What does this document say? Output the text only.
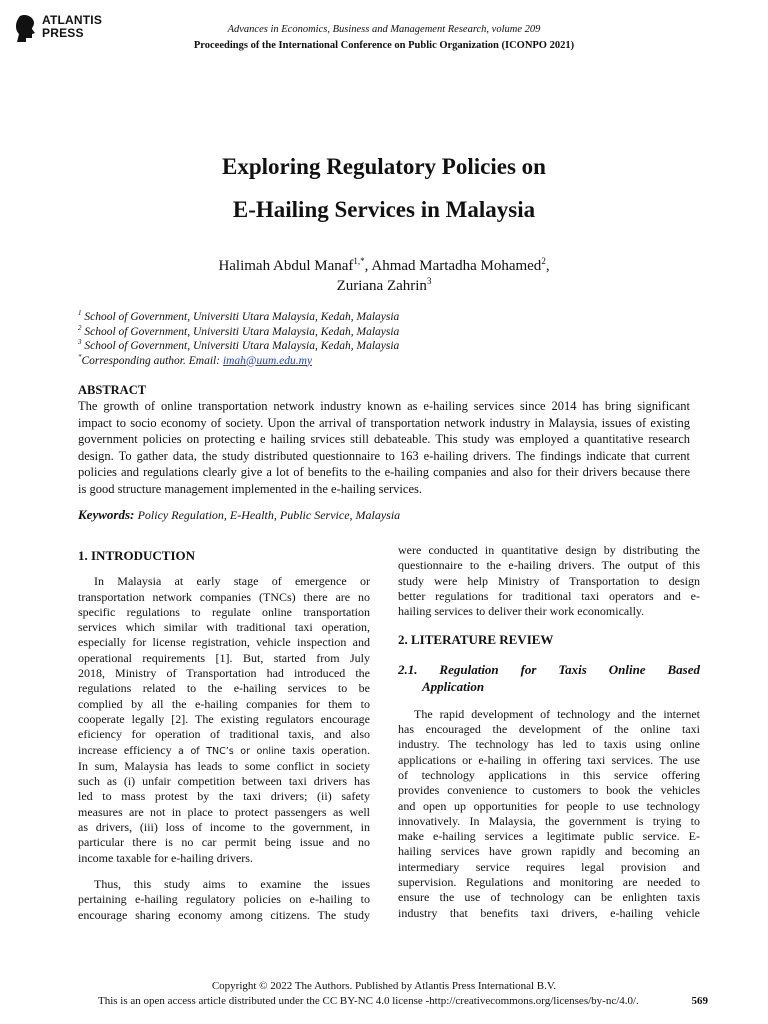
ATLANTIS
PRESS	Advances in Economics, Business and Management Research, volume 209
Proceedings of the International Conference on Public Organization (ICONPO 2021)
Exploring Regulatory Policies on
E-Hailing Services in Malaysia
Halimah Abdul Manaf$^{1,*}$, Ahmad Martadha Mohamed$^2$,
Zuriana Zahrin$^3$
$^1$ School of Government, Universiti Utara Malaysia, Kedah, Malaysia
$^2$ School of Government, Universiti Utara Malaysia, Kedah, Malaysia
$^3$ School of Government, Universiti Utara Malaysia, Kedah, Malaysia
*Corresponding author. Email: imah@uum.edu.my
ABSTRACT
The growth of online transportation network industry known as e-hailing services since 2014 has bring significant
impact to socio economy of society. Upon the arrival of transportation network industry in Malaysia, issues of existing
government policies on protecting e hailing srvices still debateable. This study was employed a quantitative research
design. To gather data, the study distributed questionnaire to 163 e-hailing drivers. The findings indicate that current
policies and regulations clearly give a lot of benefits to the e-hailing companies and also for their drivers because there
is good structure management implemented in the e-hailing services.
Keywords: Policy Regulation, E-Health, Public Service, Malaysia
1. INTRODUCTION
In Malaysia at early stage of emergence or
transportation network companies (TNCs) there are no
specific regulations to regulate online transportation
services which similar with traditional taxi operation,
especially for license registration, vehicle inspection and
operational requirements [1]. But, started from July
2018, Ministry of Transportation had introduced the
regulations related to the e-hailing services to be
complied by all the e-hailing companies for them to
cooperate legally [2]. The existing regulators encourage
eficiency for operation of traditional taxis, and also
increase efficiency a of TNC’s or online taxis operation.
In sum, Malaysia has leads to some conflict in society
such as (i) unfair competition between taxi drivers has
led to mass protest by the taxi drivers; (ii) safety
measures are not in place to protect passengers as well
as drivers, (iii) loss of income to the government, in
particular there is no car permit being issue and no
income taxable for e-hailing drivers.
Thus, this study aims to examine the issues
pertaining e-hailing regulatory policies on e-hailing to
encourage sharing economy among citizens. The study
were conducted in quantitative design by distributing the
questionnaire to the e-hailing drivers. The output of this
study were help Ministry of Transportation to design
better regulations for traditional taxi operators and e-
hailing services to deliver their work economically.
2. LITERATURE REVIEW
2.1. Regulation for Taxis Online Based
Application
The rapid development of technology and the internet
has encouraged the development of the online taxi
industry. The technology has led to taxis using online
applications or e-hailing in offering taxi services. The use
of technology applications in this service offering
provides convenience to customers to book the vehicles
and open up opportunities for people to use technology
innovatively. In Malaysia, the government is trying to
make e-hailing services a legitimate public service. E-
hailing services have grown rapidly and becoming an
intermediary service requires legal provision and
supervision. Regulations and monitoring are needed to
ensure the use of technology can be enlighten taxis
industry that benefits taxi drivers, e-hailing vehicle
Copyright © 2022 The Authors. Published by Atlantis Press International B.V.
This is an open access article distributed under the CC BY-NC 4.0 license -http://creativecommons.org/licenses/by-nc/4.0/.	569
